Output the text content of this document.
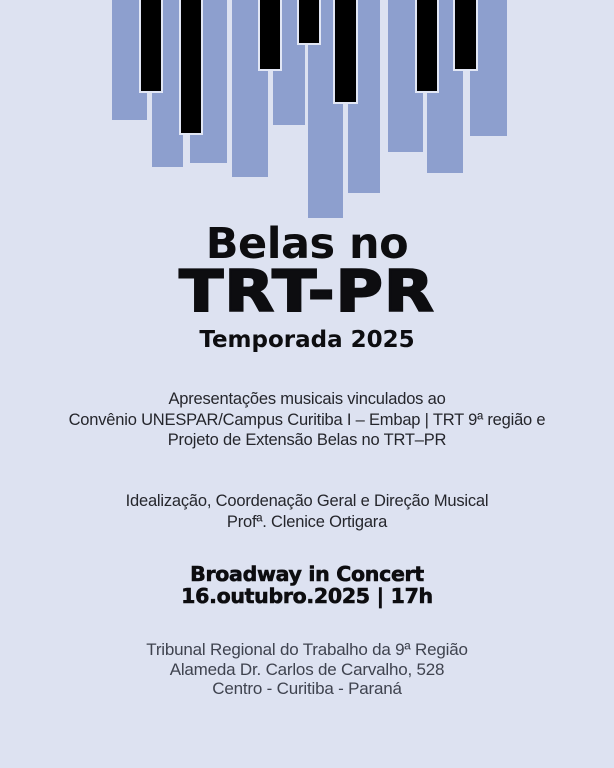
Belas no
TRT-PR
Temporada 2025
Apresentações musicais vinculados ao
Convênio UNESPAR/Campus Curitiba I – Embap | TRT 9ª região e
Projeto de Extensão Belas no TRT–PR
Idealização, Coordenação Geral e Direção Musical
Profª. Clenice Ortigara
Broadway in Concert
16.outubro.2025 | 17h
Tribunal Regional do Trabalho da 9ª Região
Alameda Dr. Carlos de Carvalho, 528
Centro - Curitiba - Paraná
